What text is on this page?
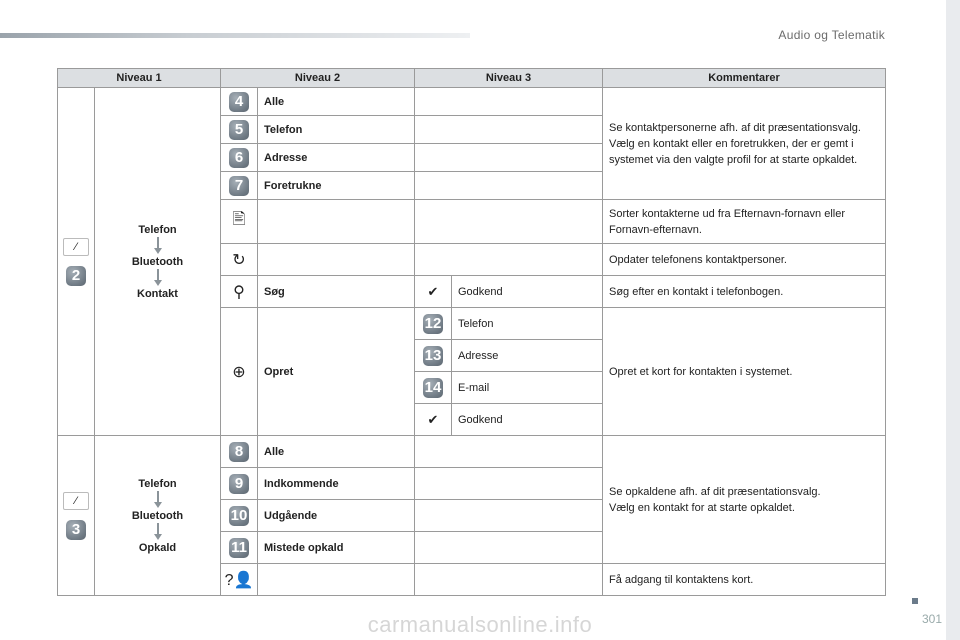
Audio og Telematik
Niveau 1		Niveau 2		Niveau 3		Kommentarer

⁄
2	Telefon
Bluetooth
Kontakt	4	Alle			Se kontaktpersonerne afh. af dit præsentationsvalg.
Vælg en kontakt eller en foretrukken, der er gemt i systemet via den valgte profil for at starte opkaldet.
		5	Telefon			
		6	Adresse			
		7	Foretrukne			
		🖹				Sorter kontakterne ud fra Efternavn-fornavn eller Fornavn-efternavn.
		↻				Opdater telefonens kontaktpersoner.
		⚲	Søg	✔	Godkend	Søg efter en kontakt i telefonbogen.
		⊕	Opret	12	Telefon	Opret et kort for kontakten i systemet.
				13	Adresse	
				14	E-mail	
				✔	Godkend	

⁄
3	Telefon
Bluetooth
Opkald	8	Alle			Se opkaldene afh. af dit præsentationsvalg.
Vælg en kontakt for at starte opkaldet.
		9	Indkommende			
		10	Udgående			
		11	Mistede opkald			
		?👤				Få adgang til kontaktens kort.
301
carmanualsonline.info
